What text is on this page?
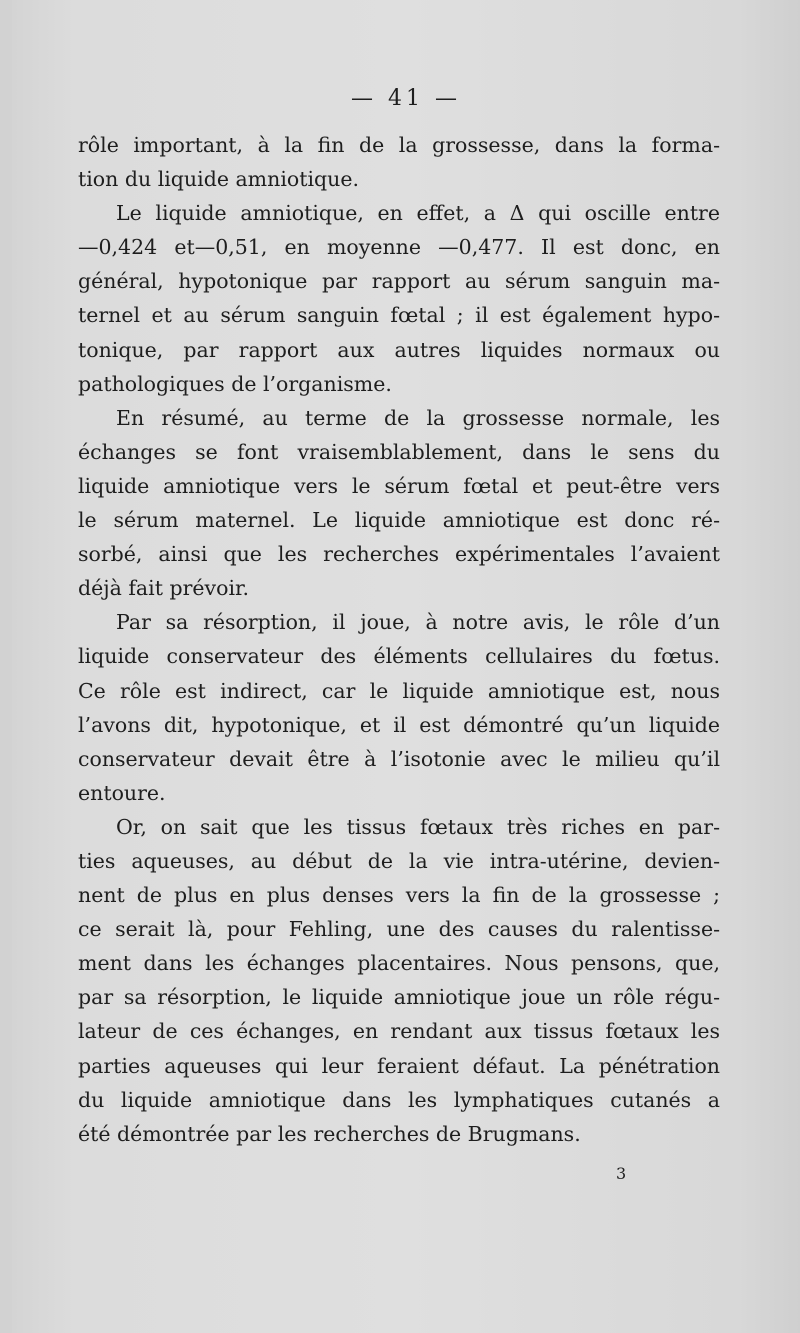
— 41 —
rôle important, à la fin de la grossesse, dans la forma-
tion du liquide amniotique.
Le liquide amniotique, en effet, a Δ qui oscille entre
—0,424 et—0,51, en moyenne —0,477. Il est donc, en
général, hypotonique par rapport au sérum sanguin ma-
ternel et au sérum sanguin fœtal ; il est également hypo-
tonique, par rapport aux autres liquides normaux ou
pathologiques de l’organisme.
En résumé, au terme de la grossesse normale, les
échanges se font vraisemblablement, dans le sens du
liquide amniotique vers le sérum fœtal et peut-être vers
le sérum maternel. Le liquide amniotique est donc ré-
sorbé, ainsi que les recherches expérimentales l’avaient
déjà fait prévoir.
Par sa résorption, il joue, à notre avis, le rôle d’un
liquide conservateur des éléments cellulaires du fœtus.
Ce rôle est indirect, car le liquide amniotique est, nous
l’avons dit, hypotonique, et il est démontré qu’un liquide
conservateur devait être à l’isotonie avec le milieu qu’il
entoure.
Or, on sait que les tissus fœtaux très riches en par-
ties aqueuses, au début de la vie intra-utérine, devien-
nent de plus en plus denses vers la fin de la grossesse ;
ce serait là, pour Fehling, une des causes du ralentisse-
ment dans les échanges placentaires. Nous pensons, que,
par sa résorption, le liquide amniotique joue un rôle régu-
lateur de ces échanges, en rendant aux tissus fœtaux les
parties aqueuses qui leur feraient défaut. La pénétration
du liquide amniotique dans les lymphatiques cutanés a
été démontrée par les recherches de Brugmans.
3
